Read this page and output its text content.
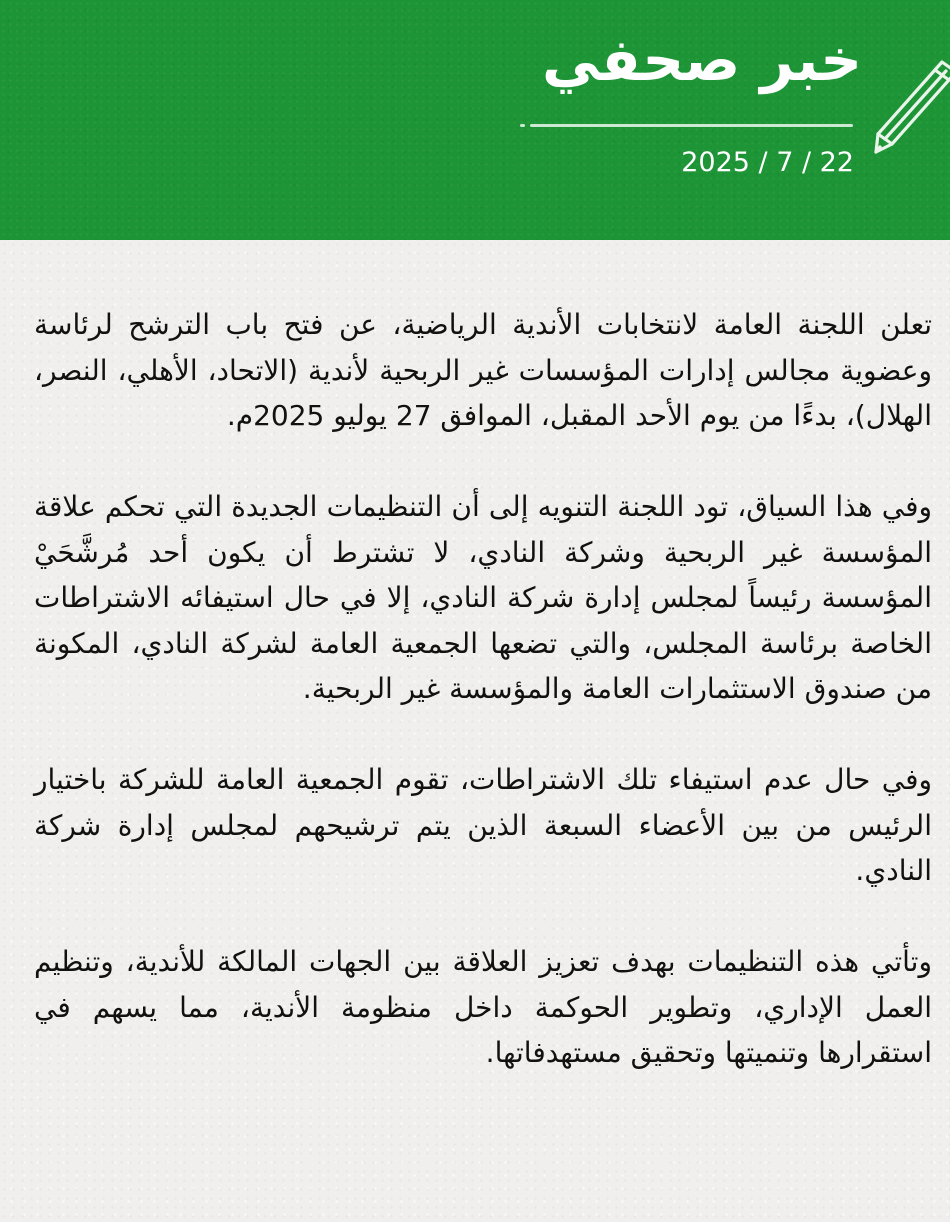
خبر صحفي
2025 / 7 / 22

تعلن اللجنة العامة لانتخابات الأندية الرياضية، عن فتح باب الترشح لرئاسة وعضوية مجالس إدارات المؤسسات غير الربحية لأندية (الاتحاد، الأهلي، النصر، الهلال)، بدءًا من يوم الأحد المقبل، الموافق 27 يوليو 2025م.

وفي هذا السياق، تود اللجنة التنويه إلى أن التنظيمات الجديدة التي تحكم علاقة المؤسسة غير الربحية وشركة النادي، لا تشترط أن يكون أحد مُرشَّحَيْ المؤسسة رئيساً لمجلس إدارة شركة النادي، إلا في حال استيفائه الاشتراطات الخاصة برئاسة المجلس، والتي تضعها الجمعية العامة لشركة النادي، المكونة من صندوق الاستثمارات العامة والمؤسسة غير الربحية.

وفي حال عدم استيفاء تلك الاشتراطات، تقوم الجمعية العامة للشركة باختيار الرئيس من بين الأعضاء السبعة الذين يتم ترشيحهم لمجلس إدارة شركة النادي.

وتأتي هذه التنظيمات بهدف تعزيز العلاقة بين الجهات المالكة للأندية، وتنظيم العمل الإداري، وتطوير الحوكمة داخل منظومة الأندية، مما يسهم في استقرارها وتنميتها وتحقيق مستهدفاتها.
